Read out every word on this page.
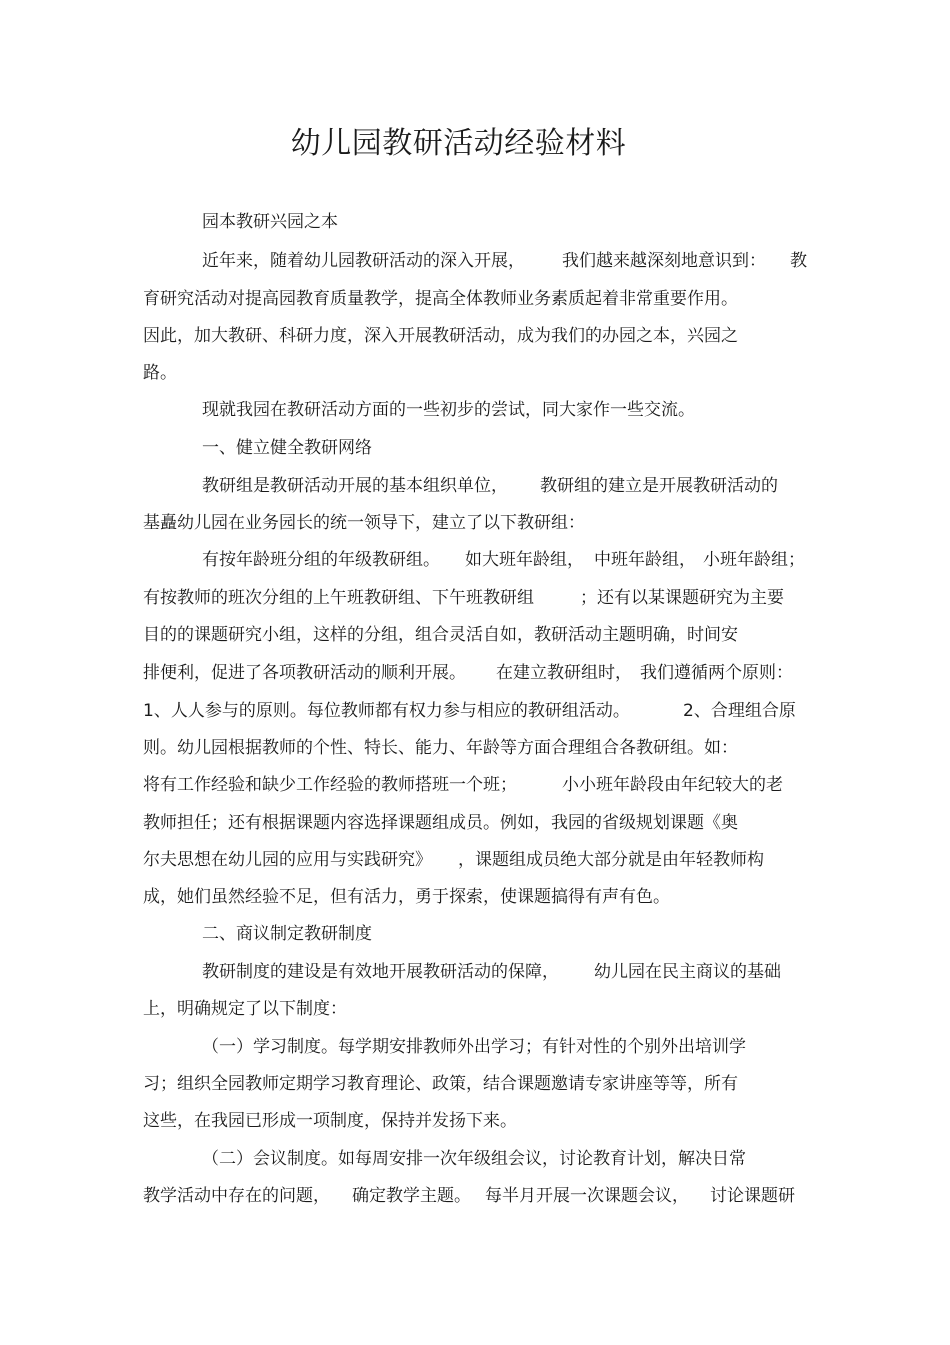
幼儿园教研活动经验材料
园本教研兴园之本
近年来，随着幼儿园教研活动的深入开展， 我们越来越深刻地意识到： 教
育研究活动对提高园教育质量教学，提高全体教师业务素质起着非常重要作用。
因此，加大教研、科研力度，深入开展教研活动，成为我们的办园之本，兴园之
路。
现就我园在教研活动方面的一些初步的尝试，同大家作一些交流。
一、健立健全教研网络
教研组是教研活动开展的基本组织单位， 教研组的建立是开展教研活动的
基矗幼儿园在业务园长的统一领导下，建立了以下教研组：
有按年龄班分组的年级教研组。 如大班年龄组， 中班年龄组， 小班年龄组；
有按教师的班次分组的上午班教研组、下午班教研组	；还有以某课题研究为主要
目的的课题研究小组，这样的分组，组合灵活自如，教研活动主题明确，时间安
排便利，促进了各项教研活动的顺利开展。 在建立教研组时， 我们遵循两个原则：
1、人人参与的原则。每位教师都有权力参与相应的教研组活动。	2、合理组合原
则。幼儿园根据教师的个性、特长、能力、年龄等方面合理组合各教研组。如：
将有工作经验和缺少工作经验的教师搭班一个班；	小小班年龄段由年纪较大的老
教师担任；还有根据课题内容选择课题组成员。例如，我园的省级规划课题《奥
尔夫思想在幼儿园的应用与实践研究》 ，课题组成员绝大部分就是由年轻教师构
成，她们虽然经验不足，但有活力，勇于探索，使课题搞得有声有色。
二、商议制定教研制度
教研制度的建设是有效地开展教研活动的保障， 幼儿园在民主商议的基础
上，明确规定了以下制度：
（一）学习制度。每学期安排教师外出学习；有针对性的个别外出培训学
习；组织全园教师定期学习教育理论、政策，结合课题邀请专家讲座等等，所有
这些，在我园已形成一项制度，保持并发扬下来。
（二）会议制度。如每周安排一次年级组会议，讨论教育计划，解决日常
教学活动中存在的问题， 确定教学主题。 每半月开展一次课题会议， 讨论课题研
